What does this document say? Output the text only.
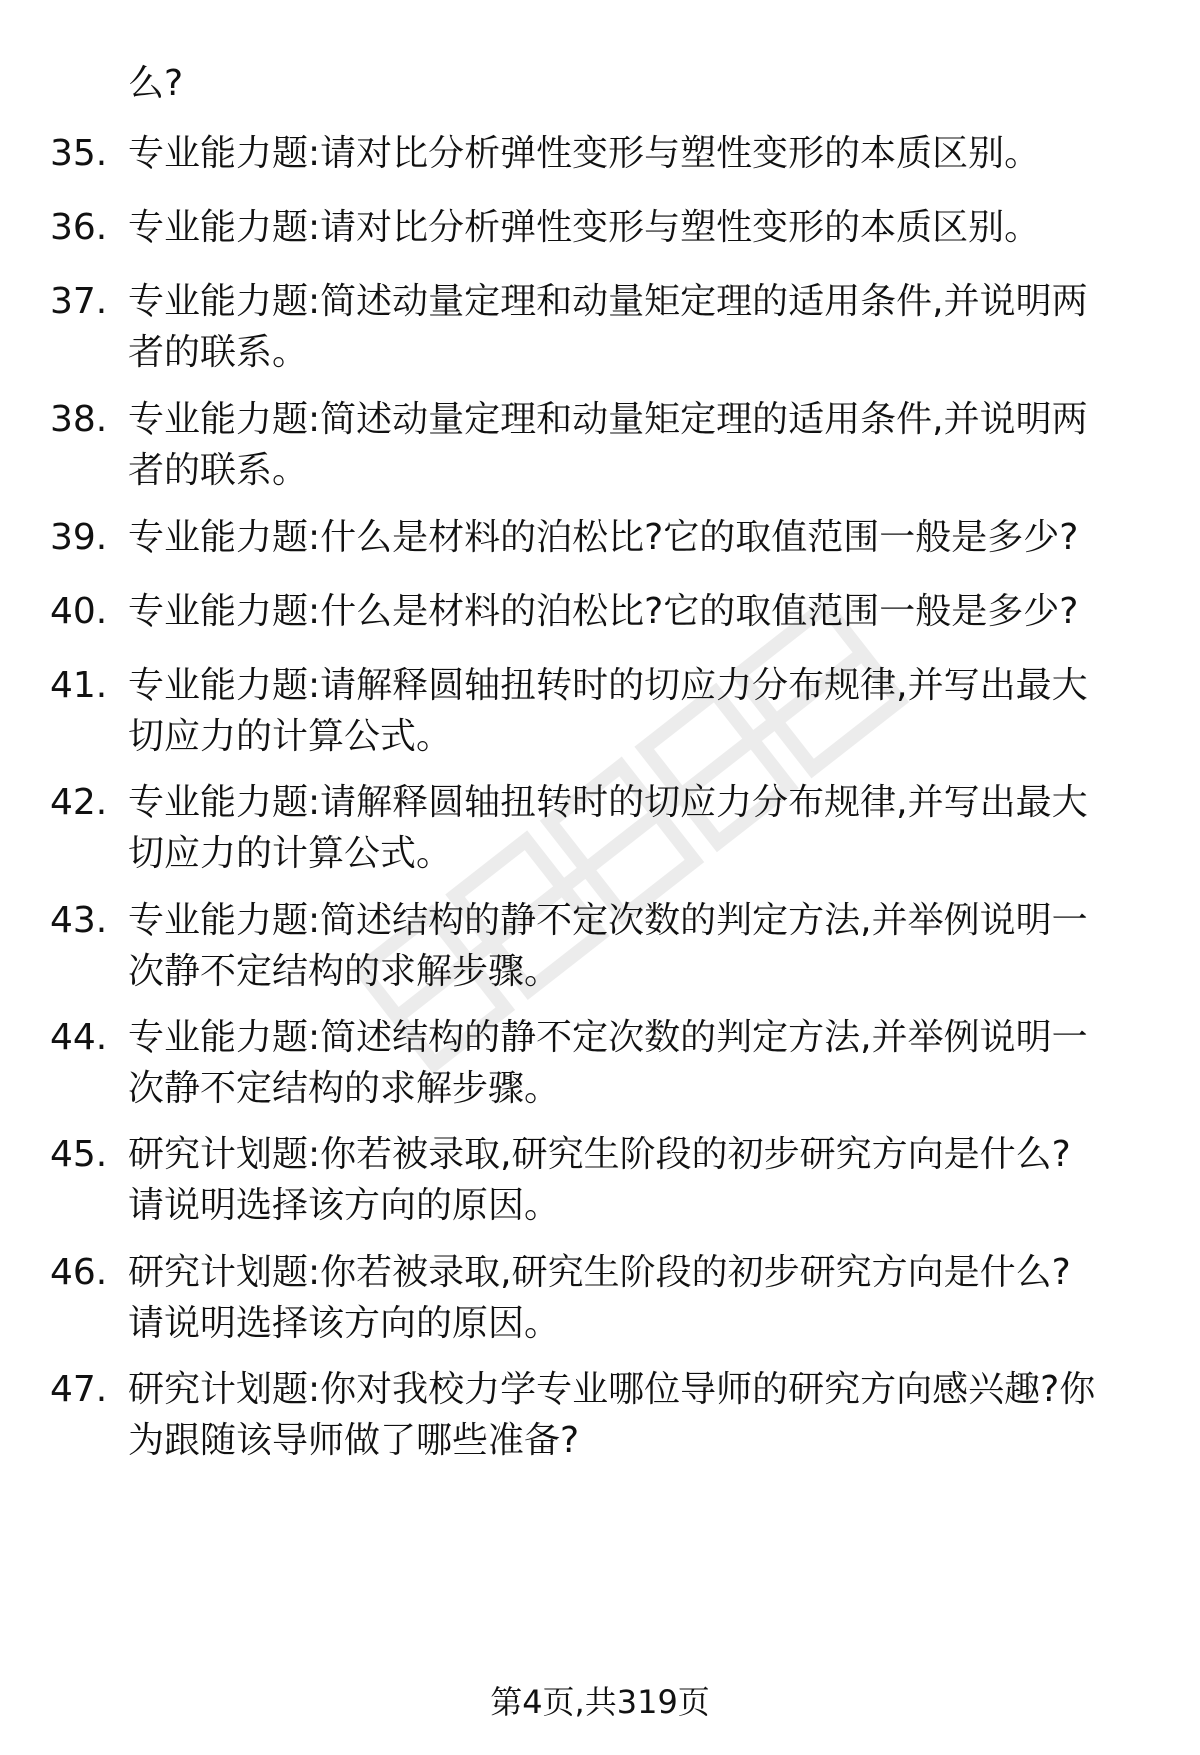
么?
35. 专业能力题:请对比分析弹性变形与塑性变形的本质区别。
36. 专业能力题:请对比分析弹性变形与塑性变形的本质区别。
37. 专业能力题:简述动量定理和动量矩定理的适用条件,并说明两
者的联系。
38. 专业能力题:简述动量定理和动量矩定理的适用条件,并说明两
者的联系。
39. 专业能力题:什么是材料的泊松比?它的取值范围一般是多少?
40. 专业能力题:什么是材料的泊松比?它的取值范围一般是多少?
41. 专业能力题:请解释圆轴扭转时的切应力分布规律,并写出最大
切应力的计算公式。
42. 专业能力题:请解释圆轴扭转时的切应力分布规律,并写出最大
切应力的计算公式。
43. 专业能力题:简述结构的静不定次数的判定方法,并举例说明一
次静不定结构的求解步骤。
44. 专业能力题:简述结构的静不定次数的判定方法,并举例说明一
次静不定结构的求解步骤。
45. 研究计划题:你若被录取,研究生阶段的初步研究方向是什么?
请说明选择该方向的原因。
46. 研究计划题:你若被录取,研究生阶段的初步研究方向是什么?
请说明选择该方向的原因。
47. 研究计划题:你对我校力学专业哪位导师的研究方向感兴趣?你
为跟随该导师做了哪些准备?
第4页,共319页
